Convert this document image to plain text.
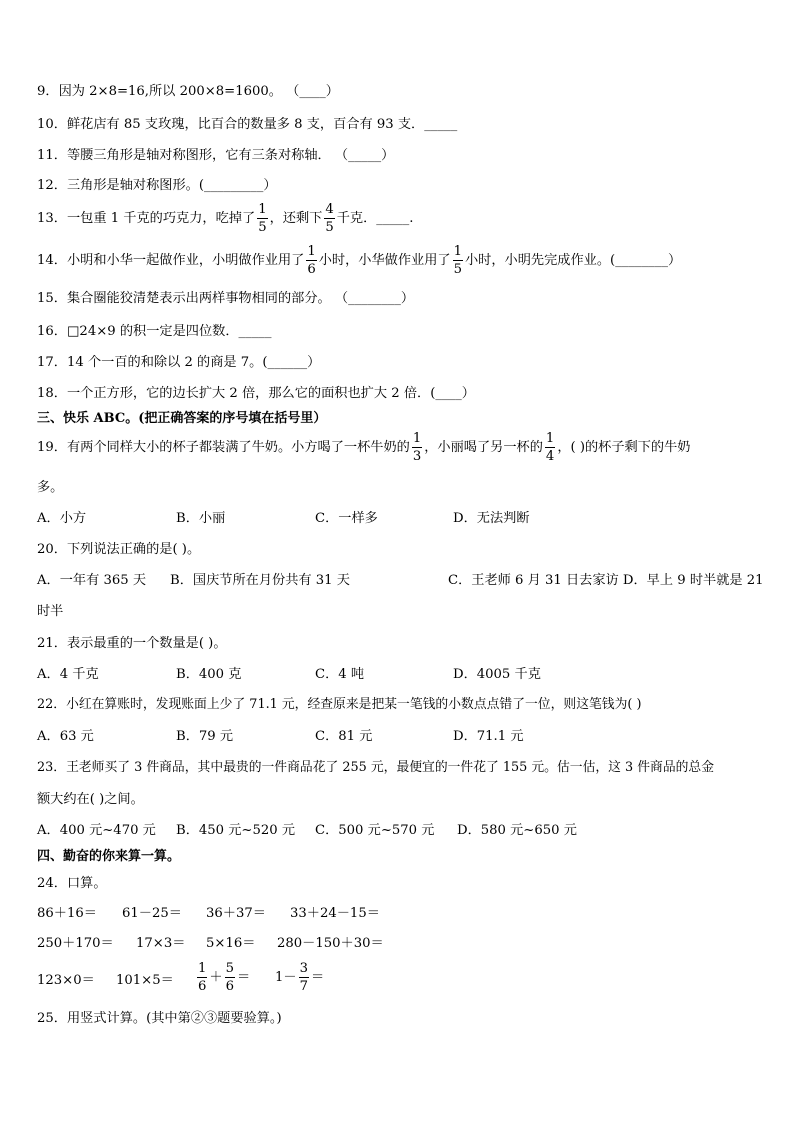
9．因为 2×8=16,所以 200×8=1600。 （____）
10．鲜花店有 85 支玫瑰，比百合的数量多 8 支，百合有 93 支．_____
11．等腰三角形是轴对称图形，它有三条对称轴． （_____）
12．三角形是轴对称图形。(_________）
13．一包重 1 千克的巧克力，吃掉了 $\frac{1}{5}$ ，还剩下 $\frac{4}{5}$ 千克．_____.
14．小明和小华一起做作业，小明做作业用了 $\frac{1}{6}$ 小时，小华做作业用了 $\frac{1}{5}$ 小时，小明先完成作业。(________）
15．集合圈能狡清楚表示出两样事物相同的部分。 （________）
16．□24×9 的积一定是四位数．_____
17．14 个一百的和除以 2 的商是 7。(______）
18．一个正方形，它的边长扩大 2 倍，那么它的面积也扩大 2 倍．(____）
三、快乐 ABC。(把正确答案的序号填在括号里）
19．有两个同样大小的杯子都装满了牛奶。小方喝了一杯牛奶的 $\frac{1}{3}$ ，小丽喝了另一杯的 $\frac{1}{4}$ ，( )的杯子剩下的牛奶
多。
A．小方	B．小丽	C．一样多	D．无法判断
20．下列说法正确的是( )。
A．一年有 365 天 B．国庆节所在月份共有 31 天	C．王老师 6 月 31 日去家访 D．早上 9 时半就是 21
时半
21．表示最重的一个数量是( )。
A．4 千克	B．400 克	C．4 吨	D．4005 千克
22．小红在算账时，发现账面上少了 71.1 元，经查原来是把某一笔钱的小数点点错了一位，则这笔钱为( )
A．63 元	B．79 元	C．81 元	D．71.1 元
23．王老师买了 3 件商品，其中最贵的一件商品花了 255 元，最便宜的一件花了 155 元。估一估，这 3 件商品的总金
额大约在( )之间。
A．400 元~470 元 B．450 元~520 元 C．500 元~570 元 D．580 元~650 元
四、勤奋的你来算一算。
24．口算。
86＋16＝ 61－25＝ 36＋37＝ 33＋24－15＝
250＋170＝ 17×3＝ 5×16＝ 280－150＋30＝
$123\times 0= 101\times 5= \frac{1}{6} + \frac{5}{6} = 1- \frac{3}{7}$ ＝
25．用竖式计算。(其中第②③题要验算。)
